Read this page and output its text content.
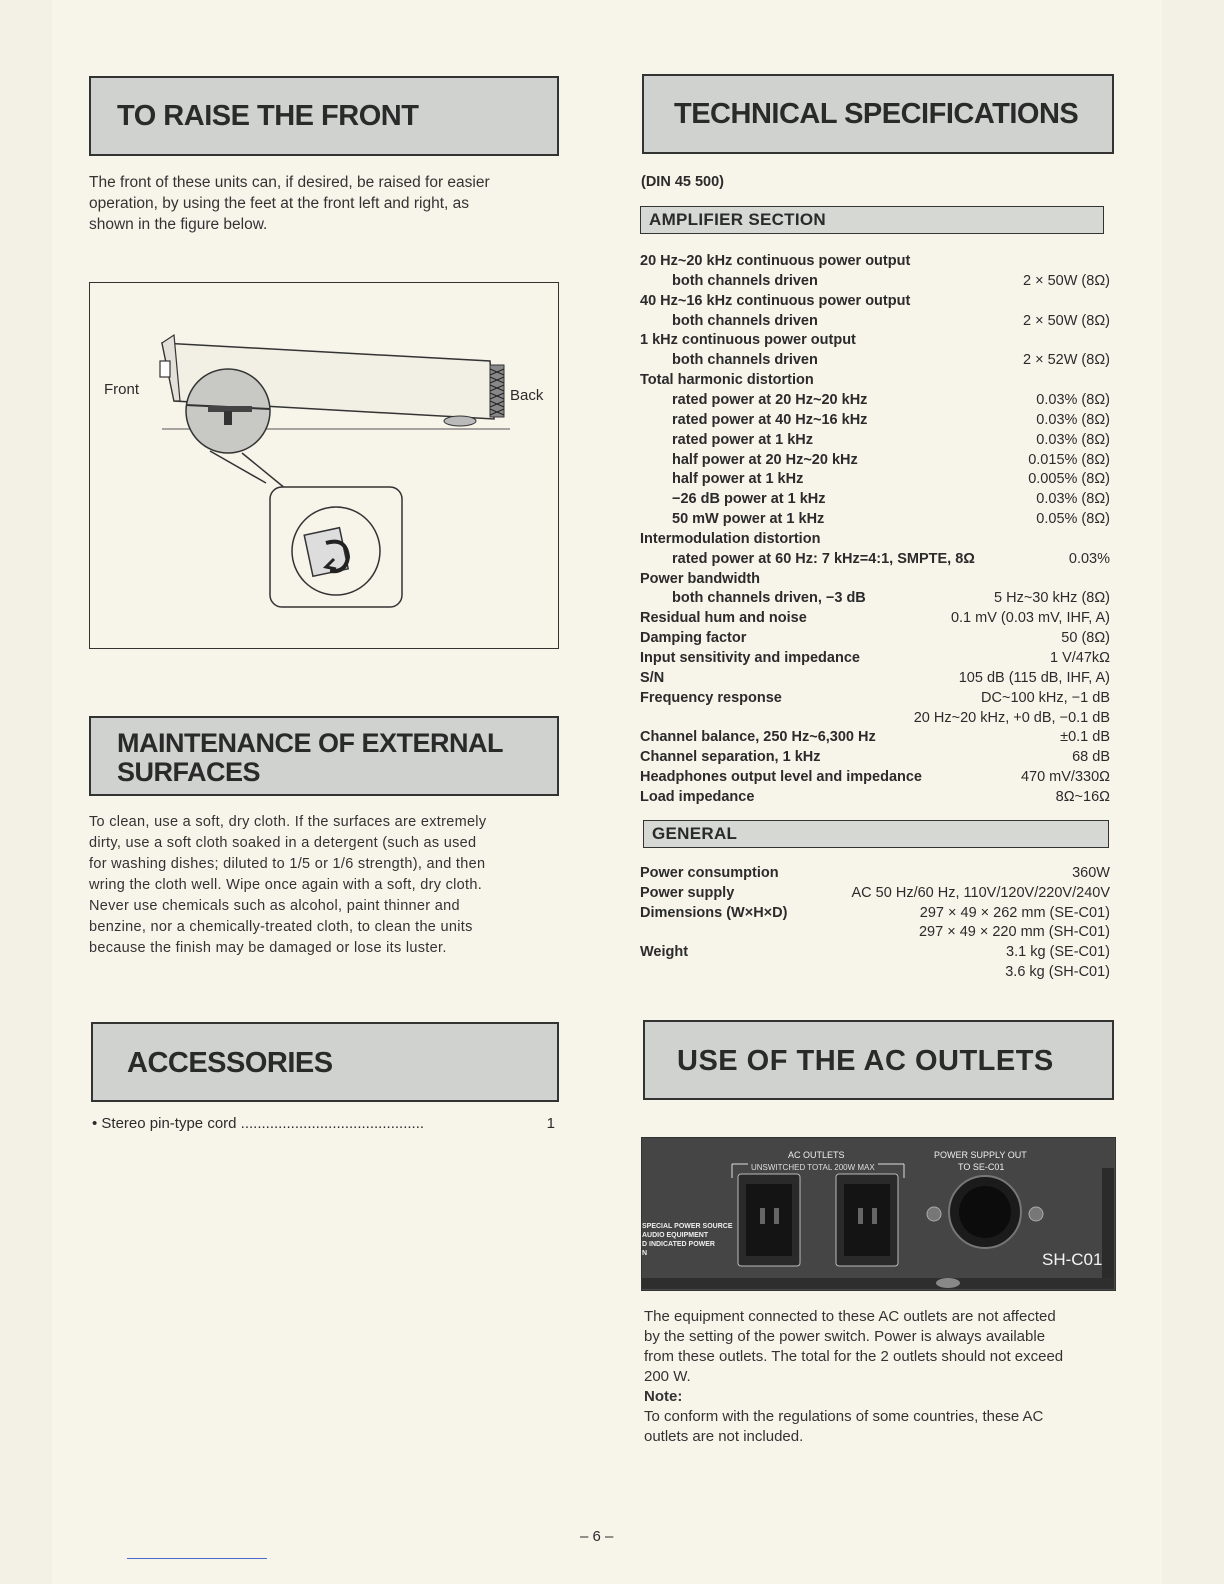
TO RAISE THE FRONT
The front of these units can, if desired, be raised for easier
operation, by using the feet at the front left and right, as
shown in the figure below.
Front	Back
MAINTENANCE OF EXTERNAL
SURFACES
To clean, use a soft, dry cloth. If the surfaces are extremely
dirty, use a soft cloth soaked in a detergent (such as used
for washing dishes; diluted to 1/5 or 1/6 strength), and then
wring the cloth well. Wipe once again with a soft, dry cloth.
Never use chemicals such as alcohol, paint thinner and
benzine, nor a chemically-treated cloth, to clean the units
because the finish may be damaged or lose its luster.
ACCESSORIES
• Stereo pin-type cord ............................................	1
TECHNICAL SPECIFICATIONS
(DIN 45 500)
AMPLIFIER SECTION
20 Hz~20 kHz continuous power output
both channels driven	2 × 50W (8Ω)
40 Hz~16 kHz continuous power output
both channels driven	2 × 50W (8Ω)
1 kHz continuous power output
both channels driven	2 × 52W (8Ω)
Total harmonic distortion
rated power at 20 Hz~20 kHz	0.03% (8Ω)
rated power at 40 Hz~16 kHz	0.03% (8Ω)
rated power at 1 kHz	0.03% (8Ω)
half power at 20 Hz~20 kHz	0.015% (8Ω)
half power at 1 kHz	0.005% (8Ω)
−26 dB power at 1 kHz	0.03% (8Ω)
50 mW power at 1 kHz	0.05% (8Ω)
Intermodulation distortion
rated power at 60 Hz: 7 kHz=4:1, SMPTE, 8Ω	0.03%
Power bandwidth
both channels driven, −3 dB	5 Hz~30 kHz (8Ω)
Residual hum and noise	0.1 mV (0.03 mV, IHF, A)
Damping factor	50 (8Ω)
Input sensitivity and impedance	1 V/47kΩ
S/N	105 dB (115 dB, IHF, A)
Frequency response	DC~100 kHz, −1 dB
20 Hz~20 kHz, +0 dB, −0.1 dB
Channel balance, 250 Hz~6,300 Hz	±0.1 dB
Channel separation, 1 kHz	68 dB
Headphones output level and impedance	470 mV/330Ω
Load impedance	8Ω~16Ω
GENERAL
Power consumption	360W
Power supply	AC 50 Hz/60 Hz, 110V/120V/220V/240V
Dimensions (W×H×D)	297 × 49 × 262 mm (SE-C01)
297 × 49 × 220 mm (SH-C01)
Weight	3.1 kg (SE-C01)
3.6 kg (SH-C01)
USE OF THE AC OUTLETS
AC OUTLETS
UNSWITCHED TOTAL 200W MAX
POWER SUPPLY OUT
TO SE-C01
SPECIAL POWER SOURCE
AUDIO EQUIPMENT
D INDICATED POWER
N	SH-C01
The equipment connected to these AC outlets are not affected
by the setting of the power switch. Power is always available
from these outlets. The total for the 2 outlets should not exceed
200 W.
Note:
To conform with the regulations of some countries, these AC
outlets are not included.
– 6 –
